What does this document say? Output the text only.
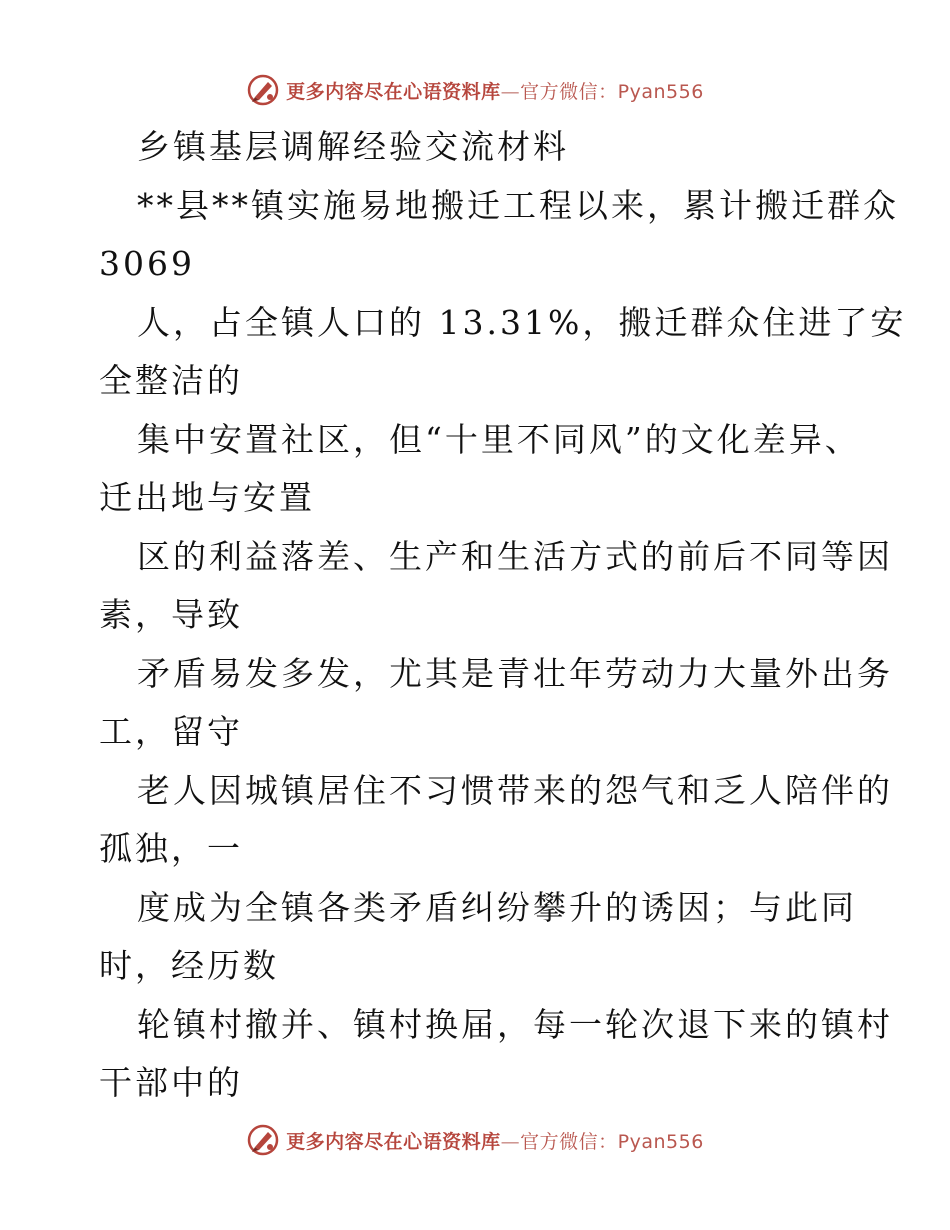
更多内容尽在心语资料库—官方微信：Pyan556
乡镇基层调解经验交流材料
**县**镇实施易地搬迁工程以来，累计搬迁群众
3069
人，占全镇人口的 13.31%，搬迁群众住进了安
全整洁的
集中安置社区，但“十里不同风”的文化差异、
迁出地与安置
区的利益落差、生产和生活方式的前后不同等因
素，导致
矛盾易发多发，尤其是青壮年劳动力大量外出务
工，留守
老人因城镇居住不习惯带来的怨气和乏人陪伴的
孤独，一
度成为全镇各类矛盾纠纷攀升的诱因；与此同
时，经历数
轮镇村撤并、镇村换届，每一轮次退下来的镇村
干部中的
更多内容尽在心语资料库—官方微信：Pyan556
